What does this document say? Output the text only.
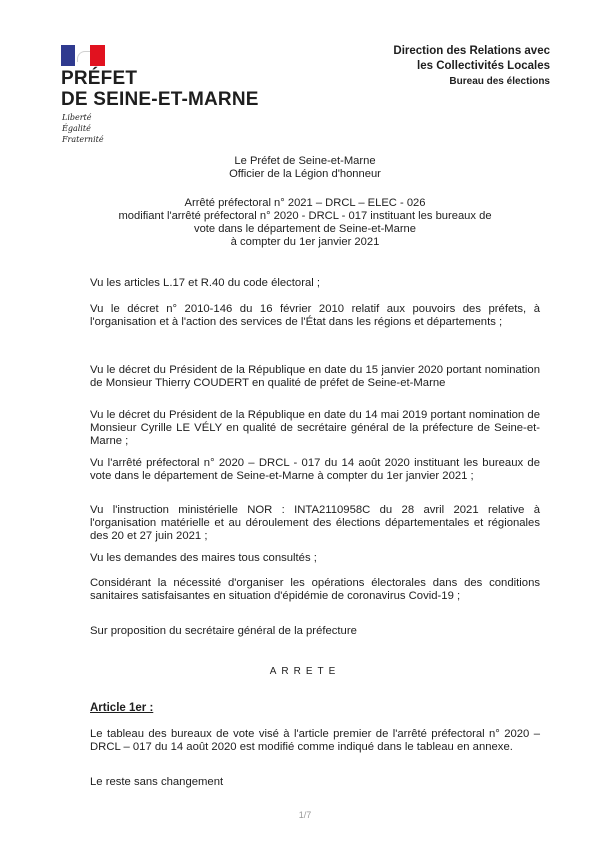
PRÉFET
DE SEINE-ET-MARNE
Liberté
Égalité
Fraternité
Direction des Relations avec
les Collectivités Locales
Bureau des élections
Le Préfet de Seine-et-Marne
Officier de la Légion d'honneur
Arrêté préfectoral n° 2021 – DRCL – ELEC - 026
modifiant l'arrêté préfectoral n° 2020 - DRCL - 017 instituant les bureaux de
vote dans le département de Seine-et-Marne
à compter du 1er janvier 2021

Vu les articles L.17 et R.40 du code électoral ;

Vu le décret n° 2010-146 du 16 février 2010 relatif aux pouvoirs des préfets, à l'organisation et à l'action des services de l'État dans les régions et départements ;

Vu le décret du Président de la République en date du 15 janvier 2020 portant nomination de Monsieur Thierry COUDERT en qualité de préfet de Seine-et-Marne

Vu le décret du Président de la République en date du 14 mai 2019 portant nomination de Monsieur Cyrille LE VÉLY en qualité de secrétaire général de la préfecture de Seine-et-Marne ;

Vu l'arrêté préfectoral n° 2020 – DRCL - 017 du 14 août 2020 instituant les bureaux de vote dans le département de Seine-et-Marne à compter du 1er janvier 2021 ;

Vu l'instruction ministérielle NOR : INTA2110958C du 28 avril 2021 relative à l'organisation matérielle et au déroulement des élections départementales et régionales des 20 et 27 juin 2021 ;

Vu les demandes des maires tous consultés ;

Considérant la nécessité d'organiser les opérations électorales dans des conditions sanitaires satisfaisantes en situation d'épidémie de coronavirus Covid-19 ;

Sur proposition du secrétaire général de la préfecture

ARRETE
Article 1er :

Le tableau des bureaux de vote visé à l'article premier de l'arrêté préfectoral n° 2020 – DRCL – 017 du 14 août 2020 est modifié comme indiqué dans le tableau en annexe.

Le reste sans changement

1/7
